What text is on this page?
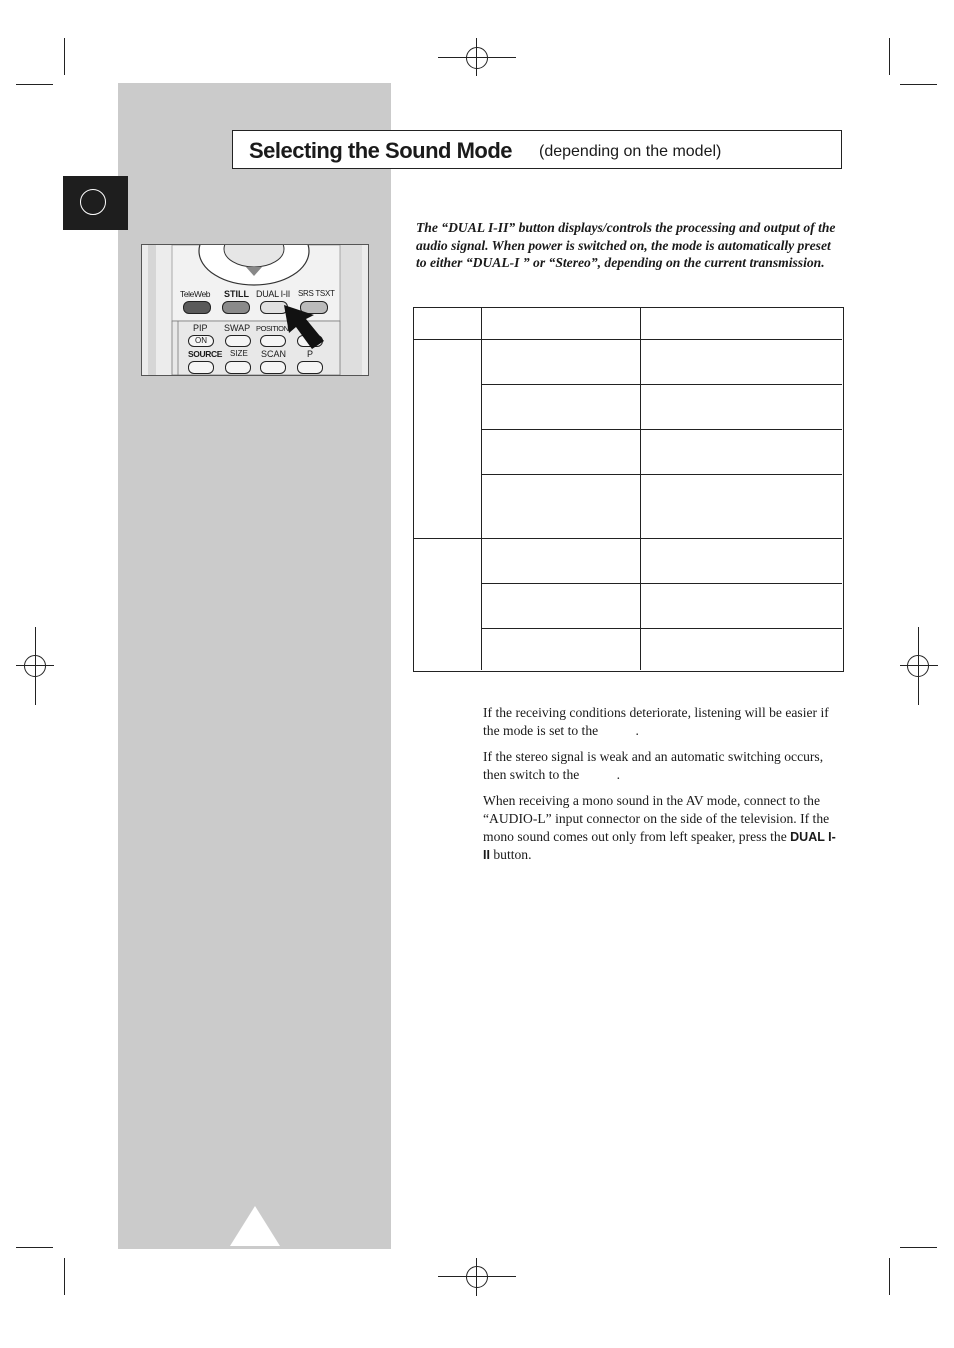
Selecting the Sound Mode (depending on the model)
TeleWeb STILL DUAL I-II SRS TSXT
PIP SWAP POSITION
ON
SOURCE SIZE SCAN P
The “DUAL I-II” button displays/controls the processing and output of the audio signal. When power is switched on, the mode is automatically preset to either “DUAL-I ” or “Stereo”, depending on the current transmission.

If the receiving conditions deteriorate, listening will be easier if the mode is set to the	.

If the stereo signal is weak and an automatic switching occurs, then switch to the	.

When receiving a mono sound in the AV mode, connect to the “AUDIO-L” input connector on the side of the television. If the mono sound comes out only from left speaker, press the DUAL I-II button.
